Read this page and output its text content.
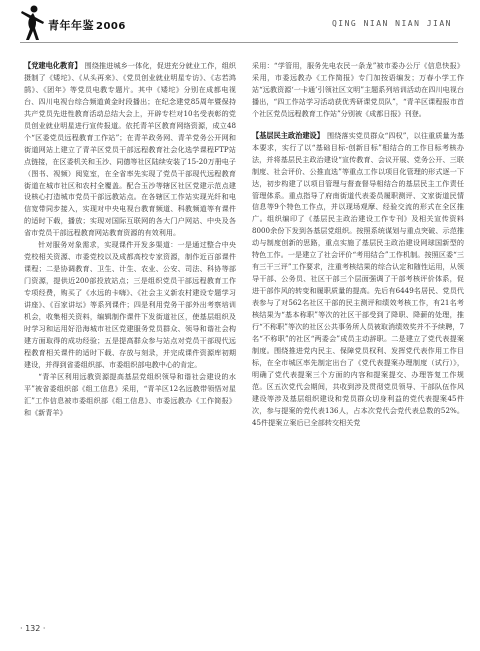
青年年鉴 2006	QING NIAN NIAN JIAN

【党建电化教育】 围绕推进城乡一体化，促进充分就业工作，组织摄制了《矮坨》、《从头再来》、《党员创业就业明星专访》、《志若鸿鹄》、《团年》等党员电教专题片。其中《矮坨》分别在成都电视台、四川电视台综合频道黄金时段播出；在纪念建党85周年暨保持共产党员先进性教育活动总结大会上，开辟专栏对10名受表彰的党员创业就业明星进行宣传报道。依托青羊区教育网络资源，成立48个“区委党员远程教育工作站”；在青羊政务网、青羊党务公开网和街道网站上建立了青羊区党员干部远程教育社会化选学课程FTP站点链接，在区委机关和玉沙、同德等社区陆续安装了15-20万册电子（图书、视频）阅览室，在全省率先实现了党员干部现代远程教育街道在城市社区和农村全覆盖。配合玉沙等辖区社区党建示范点建设核心打造城市党员干部远教站点。在各辖区工作站实现光纤和电信宽带同步接入，实现对中央电视台教育频道、科教频道等有课件的适时下载，播放；实现对国际互联网的各大门户网站、中央及各省市党员干部远程教育网站教育资源的有效利用。

针对服务对象需求，实现课件开发多渠道：一是通过整合中央党校相关资源、市委党校以及成都高校专家资源，制作近百部课件课程；二是协调教育、卫生、计生、农业、公安、司法、科协等部门资源，提供近200部投放站点；三是组织党员干部远程教育工作专项经费，购买了《水远的卡嗨》、《社会主义新农村建设专题学习讲座》、《百家讲坛》等系列课件；四是利用党务干部外出考察培训机会，收集相关资料，编辑制作课件下发街道社区，使基层组织及时学习和运用好沿海城市社区党建服务党员群众、领导和谐社会构建方面取得的成功经验；五是提高群众参与站点对党员干部现代远程教育相关课件的适时下载、存放与刻录，并完成课件资源库初期建设，并得到省委组织部、市委组织部电教中心的肯定。

“青羊区利用远教资源提高基层党组织领导和谐社会建设的水平”被省委组织部《组工信息》采用，“青羊区12名远教带领悟对星汇”工作信息被市委组织部《组工信息》、市委远教办《工作简报》和《新青羊》

采用：“学管用，服务先电农民一条龙”被市委办公厅《信息快报》采用，市委远教办《工作简报》专门加按语编发；万春小学工作站“远教资源‘一卡通’引领社区文明”主题系列培训活动在四川电视台播出，“四工作站学习活动获优秀研课党员队”，“青羊区课程报市首个社区党员远程教育工作站”分别被《成都日报》刊登。

【基层民主政治建设】 围绕落实党员群众“四权”，以往重质量为基本要求，实行了以“基础目标-创新目标”相结合的工作目标考核办法，并将基层民主政治建设“宣传教育、会议开展、党务公开、三联制度、社会评价、公推直选”等重点工作以项目化管理的形式逐一下达，初步构建了以项目管理与督查督导相结合的基层民主工作责任管理体系。重点指导了府南街道代表委员履职测评、文家街道民情信息等9个特色工作点，并以现场观摩、经验交流的形式在全区推广。组织编印了《基层民主政治建设工作专刊》及相关宣传资料8000余份下发到各基层党组织。按照系统谋划与重点突破、示范推动与制度创新的思路，重点实施了基层民主政治建设网球国新型的特色工作。一是建立了社会评价“考用结合”工作机制。按照区委“三有三干三评”工作要求，注重考核结果的综合认定和随性运用，从领导干部、公务员、社区干部三个层面强调了干部考核评价体系，促进干部作风的转变和履职质量的提高。先后有6449名居民、党员代表参与了对562名社区干部的民主测评和绩效考核工作，有21名考核结果为“基本称职”等次的社区干部受到了降职、降薪的处理，推行“不称职”等次的社区公共事务所人员被取消绩效奖并不予续聘，7名“不称职”的社区“两委会”成员主动辞职。二是建立了党代表提案制度。围绕推进党内民主、保障党员权利、发挥党代表作用工作目标，在全市城区率先制定出台了《党代表提案办理制度（试行）》，明确了党代表提案三个方面的内容和提案提交、办理答复工作规范。区五次党代会期间，共收到涉及贯彻党员领导、干部队伍作风建设等涉及基层组织建设和党员群众切身利益的党代表提案45件次，参与提案的党代表136人，占本次党代会党代表总数的52%。45件提案立案后已全部转交相关党

· 132 ·
